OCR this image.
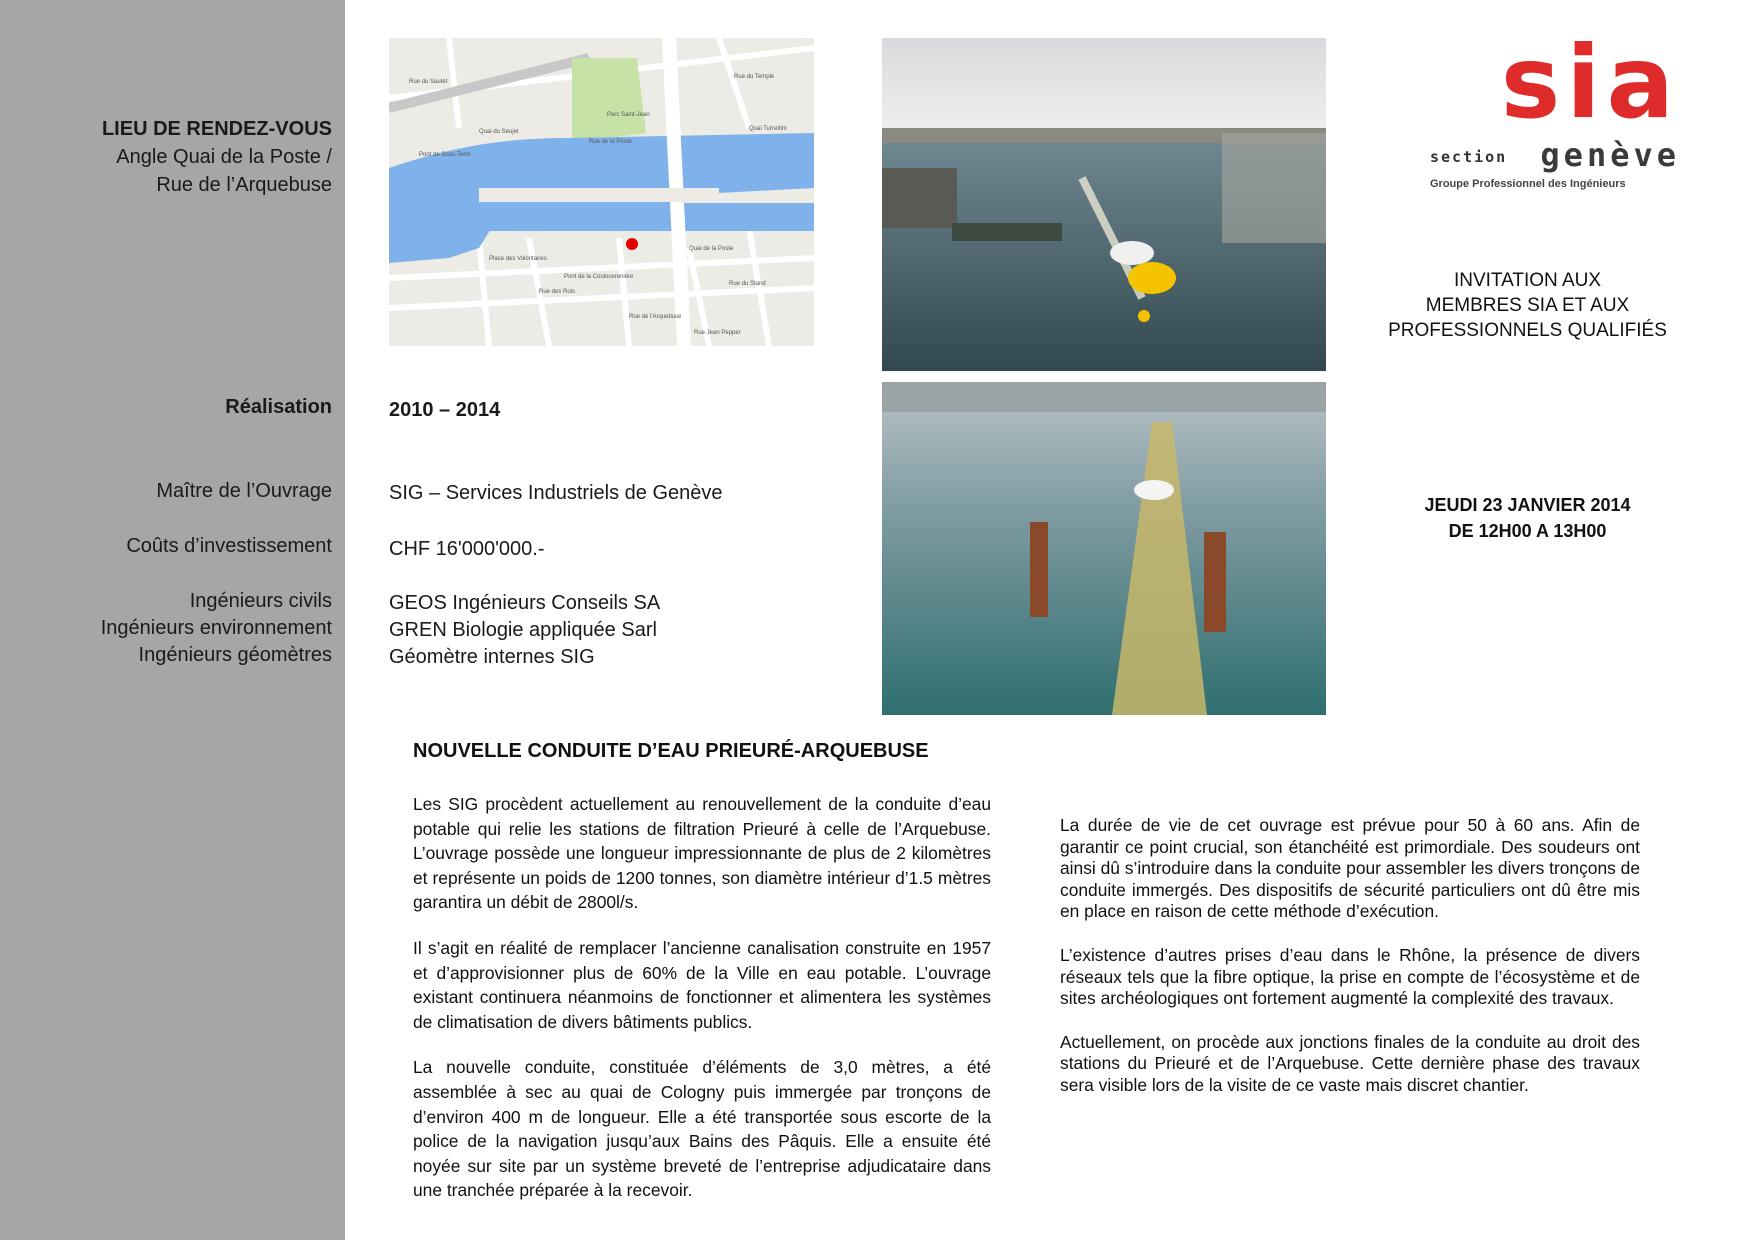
LIEU DE RENDEZ-VOUS
Angle Quai de la Poste /
Rue de l’Arquebuse
Réalisation
Maître de l’Ouvrage
Coûts d’investissement
Ingénieurs civils
Ingénieurs environnement
Ingénieurs géomètres
2010 – 2014
SIG – Services Industriels de Genève
CHF 16'000'000.-
GEOS Ingénieurs Conseils SA
GREN Biologie appliquée Sarl
Géomètre internes SIG
Parc Saint-Jean
Quai du Seujet
Rue de la Poste
Quai de la Poste
Pont de la Coulouvrenière
Rue des Rois
Rue du Stand
Rue Jean Pepper
Pont de Sous-Terre
Quai Turrettini
Place des Volontaires
Rue du Temple
Rue de l'Arquebuse
Rue du Sautet	sia
section genève
Groupe Professionnel des Ingénieurs
INVITATION AUX
MEMBRES SIA ET AUX
PROFESSIONNELS QUALIFIÉS
JEUDI 23 JANVIER 2014
DE 12H00 A 13H00
NOUVELLE CONDUITE D’EAU PRIEURÉ-ARQUEBUSE

Les SIG procèdent actuellement au renouvellement de la conduite d’eau potable qui relie les stations de filtration Prieuré à celle de l’Arquebuse. L’ouvrage possède une longueur impressionnante de plus de 2 kilomètres et représente un poids de 1200 tonnes, son diamètre intérieur d’1.5 mètres garantira un débit de 2800l/s.

Il s’agit en réalité de remplacer l’ancienne canalisation construite en 1957 et d’approvisionner plus de 60% de la Ville en eau potable. L’ouvrage existant continuera néanmoins de fonctionner et alimentera les systèmes de climatisation de divers bâtiments publics.

La nouvelle conduite, constituée d’éléments de 3,0 mètres, a été assemblée à sec au quai de Cologny puis immergée par tronçons de d’environ 400 m de longueur. Elle a été transportée sous escorte de la police de la navigation jusqu’aux Bains des Pâquis. Elle a ensuite été noyée sur site par un système breveté de l’entreprise adjudicataire dans une tranchée préparée à la recevoir.

La durée de vie de cet ouvrage est prévue pour 50 à 60 ans. Afin de garantir ce point crucial, son étanchéité est primordiale. Des soudeurs ont ainsi dû s’introduire dans la conduite pour assembler les divers tronçons de conduite immergés. Des dispositifs de sécurité particuliers ont dû être mis en place en raison de cette méthode d’exécution.

L’existence d’autres prises d’eau dans le Rhône, la présence de divers réseaux tels que la fibre optique, la prise en compte de l’écosystème et de sites archéologiques ont fortement augmenté la complexité des travaux.

Actuellement, on procède aux jonctions finales de la conduite au droit des stations du Prieuré et de l’Arquebuse. Cette dernière phase des travaux sera visible lors de la visite de ce vaste mais discret chantier.
